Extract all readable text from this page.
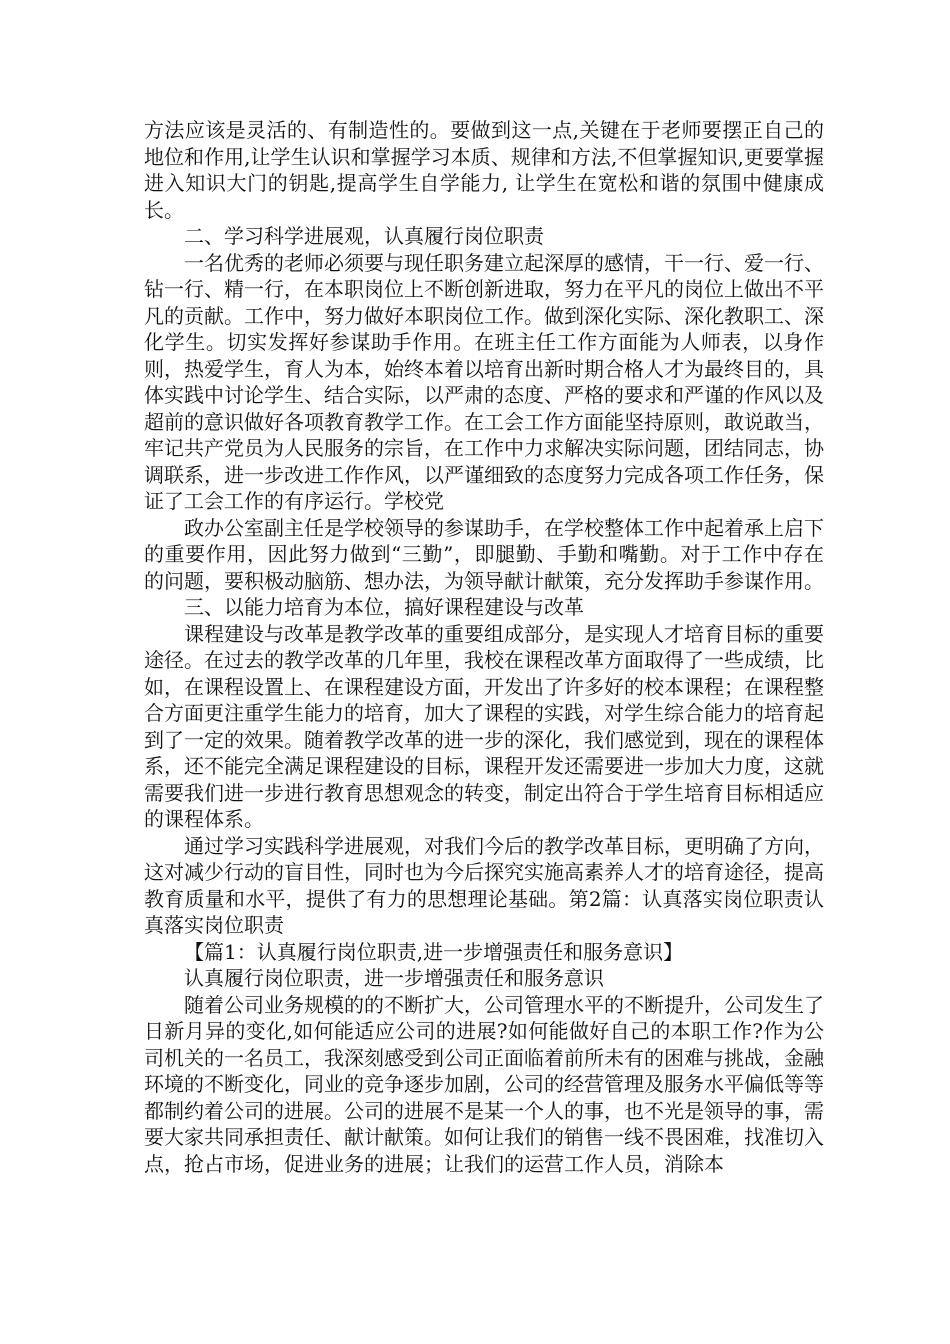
方法应该是灵活的、有制造性的。要做到这一点,关键在于老师要摆正自己的地位和作用,让学生认识和掌握学习本质、规律和方法,不但掌握知识,更要掌握进入知识大门的钥匙,提高学生自学能力, 让学生在宽松和谐的氛围中健康成长。

二、学习科学进展观，认真履行岗位职责

一名优秀的老师必须要与现任职务建立起深厚的感情，干一行、爱一行、钻一行、精一行，在本职岗位上不断创新进取，努力在平凡的岗位上做出不平凡的贡献。工作中，努力做好本职岗位工作。做到深化实际、深化教职工、深化学生。切实发挥好参谋助手作用。在班主任工作方面能为人师表，以身作则，热爱学生，育人为本，始终本着以培育出新时期合格人才为最终目的，具体实践中讨论学生、结合实际，以严肃的态度、严格的要求和严谨的作风以及超前的意识做好各项教育教学工作。在工会工作方面能坚持原则，敢说敢当，牢记共产党员为人民服务的宗旨，在工作中力求解决实际问题，团结同志，协调联系，进一步改进工作作风，以严谨细致的态度努力完成各项工作任务，保证了工会工作的有序运行。学校党

政办公室副主任是学校领导的参谋助手，在学校整体工作中起着承上启下的重要作用，因此努力做到“三勤”，即腿勤、手勤和嘴勤。对于工作中存在的问题，要积极动脑筋、想办法，为领导献计献策，充分发挥助手参谋作用。

三、以能力培育为本位，搞好课程建设与改革

课程建设与改革是教学改革的重要组成部分，是实现人才培育目标的重要途径。在过去的教学改革的几年里，我校在课程改革方面取得了一些成绩，比如，在课程设置上、在课程建设方面，开发出了许多好的校本课程；在课程整合方面更注重学生能力的培育，加大了课程的实践，对学生综合能力的培育起到了一定的效果。随着教学改革的进一步的深化，我们感觉到，现在的课程体系，还不能完全满足课程建设的目标，课程开发还需要进一步加大力度，这就需要我们进一步进行教育思想观念的转变，制定出符合于学生培育目标相适应的课程体系。

通过学习实践科学进展观，对我们今后的教学改革目标，更明确了方向，这对减少行动的盲目性，同时也为今后探究实施高素养人才的培育途径，提高教育质量和水平，提供了有力的思想理论基础。第2篇：认真落实岗位职责认真落实岗位职责

【篇1：认真履行岗位职责,进一步增强责任和服务意识】

认真履行岗位职责，进一步增强责任和服务意识

随着公司业务规模的的不断扩大，公司管理水平的不断提升，公司发生了日新月异的变化,如何能适应公司的进展?如何能做好自己的本职工作?作为公司机关的一名员工，我深刻感受到公司正面临着前所未有的困难与挑战，金融环境的不断变化，同业的竞争逐步加剧，公司的经营管理及服务水平偏低等等都制约着公司的进展。公司的进展不是某一个人的事，也不光是领导的事，需要大家共同承担责任、献计献策。如何让我们的销售一线不畏困难，找准切入点，抢占市场，促进业务的进展；让我们的运营工作人员，消除本
